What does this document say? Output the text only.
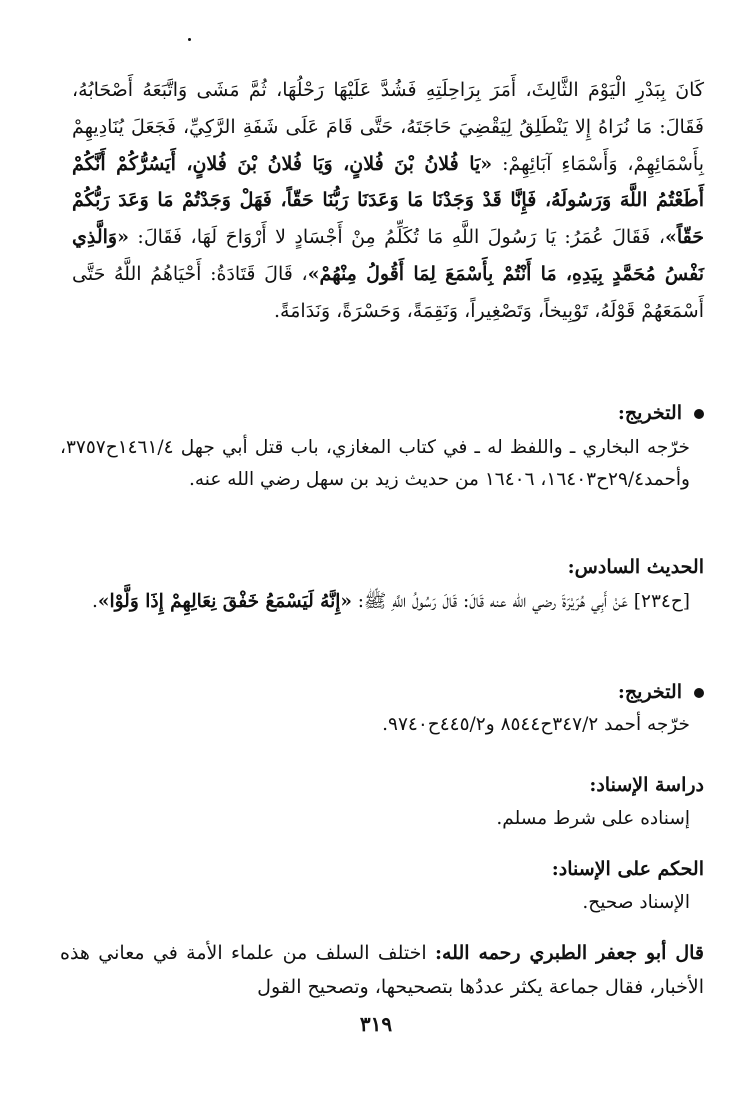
كَانَ بِبَدْرِ الْيَوْمَ الثَّالِثَ، أَمَرَ بِرَاحِلَتِهِ فَشُدَّ عَلَيْهَا رَحْلُهَا، ثُمَّ مَشَى وَاتَّبَعَهُ أَصْحَابُهُ، فَقَالَ: مَا نُرَاهُ إِلا يَنْطَلِقُ لِيَقْضِيَ حَاجَتَهُ، حَتَّى قَامَ عَلَى شَفَةِ الرَّكِيِّ، فَجَعَلَ يُنَادِيهِمْ بِأَسْمَائِهِمْ، وَأَسْمَاءِ آبَائِهِمْ: «يَا فُلانُ بْنَ فُلانٍ، وَيَا فُلانُ بْنَ فُلانٍ، أَيَسُرُّكُمْ أَنَّكُمْ أَطَعْتُمُ اللَّهَ وَرَسُولَهُ، فَإِنَّا قَدْ وَجَدْنَا مَا وَعَدَنَا رَبُّنَا حَقّاً، فَهَلْ وَجَدْتُمْ مَا وَعَدَ رَبُّكُمْ حَقّاً»، فَقَالَ عُمَرُ: يَا رَسُولَ اللَّهِ مَا تُكَلِّمُ مِنْ أَجْسَادٍ لا أَرْوَاحَ لَهَا، فَقَالَ: «وَالَّذِي نَفْسُ مُحَمَّدٍ بِيَدِهِ، مَا أَنْتُمْ بِأَسْمَعَ لِمَا أَقُولُ مِنْهُمْ»، قَالَ قَتَادَةُ: أَحْيَاهُمُ اللَّهُ حَتَّى أَسْمَعَهُمْ قَوْلَهُ، تَوْبِيخاً، وَتَصْغِيراً، وَنَقِمَةً، وَحَسْرَةً، وَنَدَامَةً.
التخريج:
خرّجه البخاري ـ واللفظ له ـ في كتاب المغازي، باب قتل أبي جهل ١٤٦١/٤ح٣٧٥٧، وأحمد٢٩/٤ح١٦٤٠٣، ١٦٤٠٦ من حديث زيد بن سهل رضي الله عنه.
الحديث السادس:
[ح٢٣٤] عَنْ أَبِي هُرَيْرَةَ رضي الله عنه قَالَ: قَالَ رَسُولُ اللَّهِ ﷺ: «إِنَّهُ لَيَسْمَعُ خَفْقَ نِعَالِهِمْ إِذَا وَلَّوْا».
التخريج:
خرّجه أحمد ٣٤٧/٢ح٨٥٤٤ و٤٤٥/٢ح٩٧٤٠.
دراسة الإسناد:
إسناده على شرط مسلم.
الحكم على الإسناد:
الإسناد صحيح.
قال أبو جعفر الطبري رحمه الله: اختلف السلف من علماء الأمة في معاني هذه الأخبار، فقال جماعة يكثر عددُها بتصحيحها، وتصحيح القول
٣١٩
